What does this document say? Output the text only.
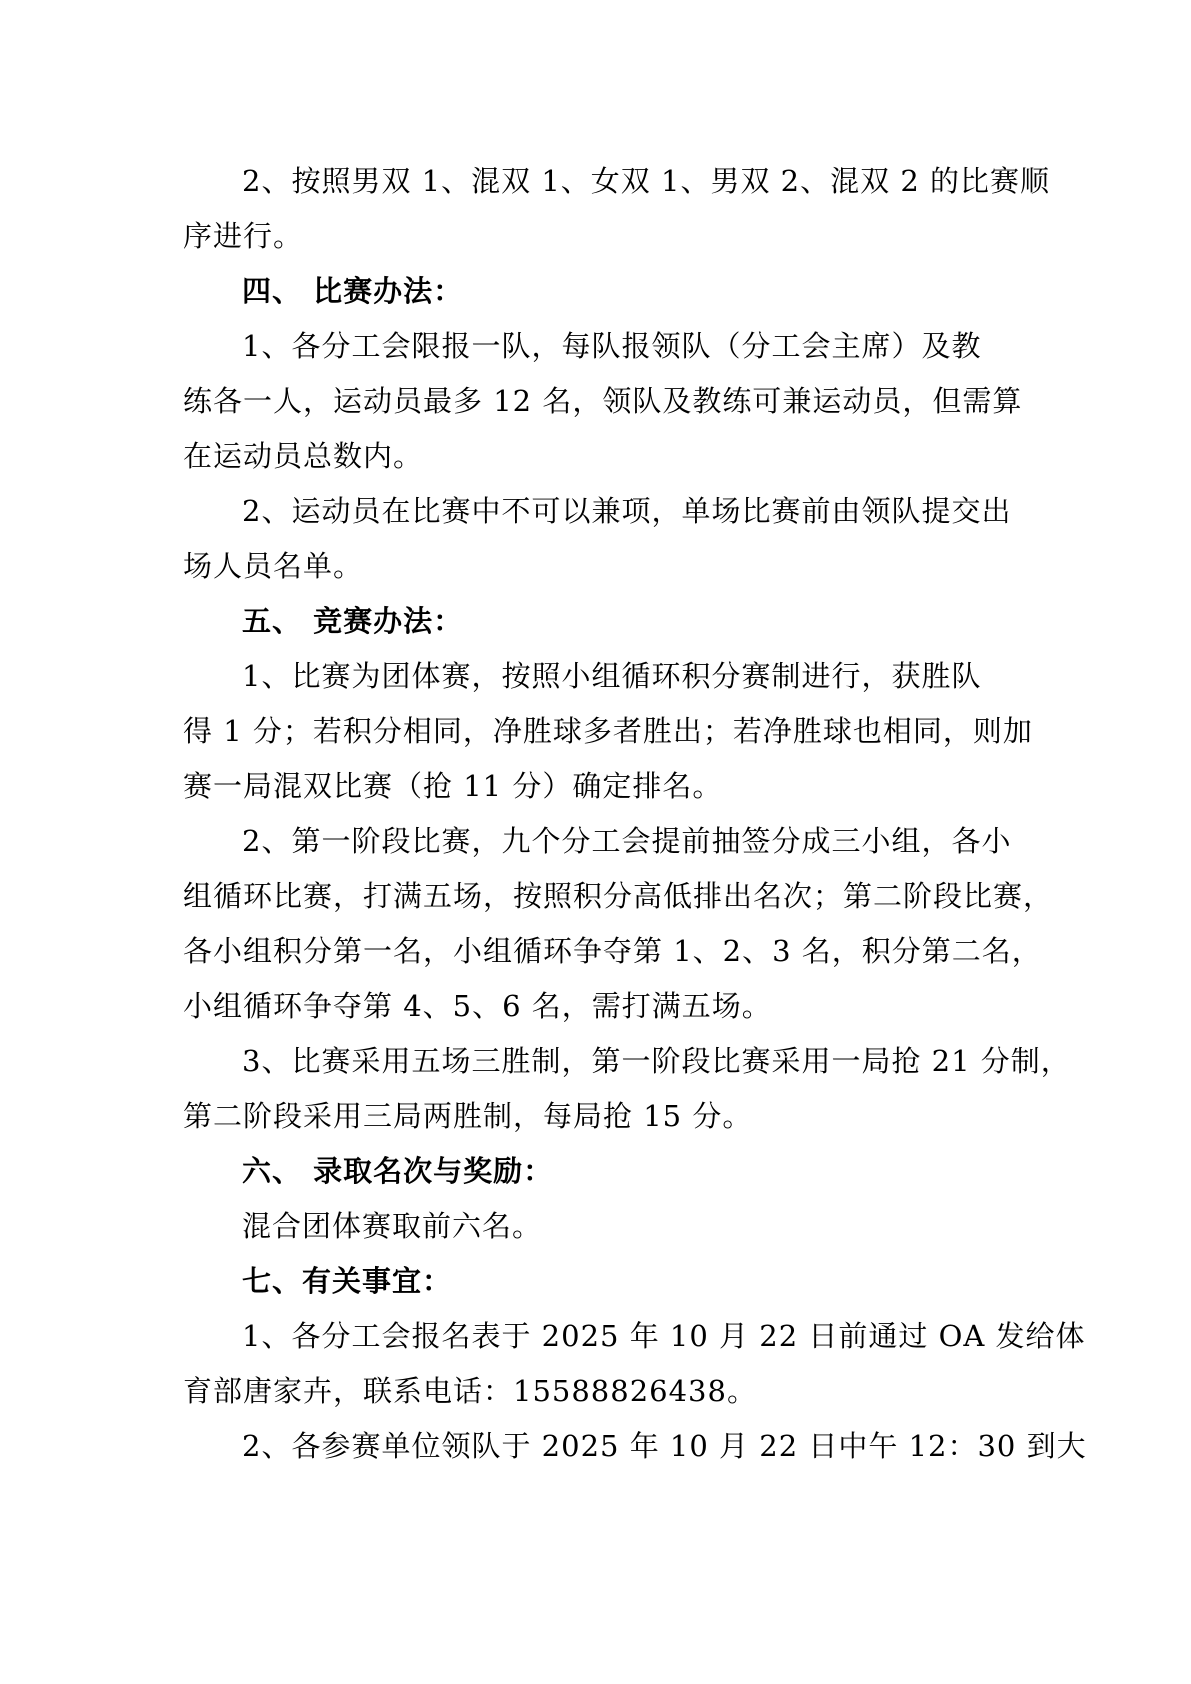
2、按照男双 1、混双 1、女双 1、男双 2、混双 2 的比赛顺
序进行。
四、 比赛办法：
1、各分工会限报一队，每队报领队（分工会主席）及教
练各一人，运动员最多 12 名，领队及教练可兼运动员，但需算
在运动员总数内。
2、运动员在比赛中不可以兼项，单场比赛前由领队提交出
场人员名单。
五、 竞赛办法：
1、比赛为团体赛，按照小组循环积分赛制进行，获胜队
得 1 分；若积分相同，净胜球多者胜出；若净胜球也相同，则加
赛一局混双比赛（抢 11 分）确定排名。
2、第一阶段比赛，九个分工会提前抽签分成三小组，各小
组循环比赛，打满五场，按照积分高低排出名次；第二阶段比赛，
各小组积分第一名，小组循环争夺第 1、2、3 名，积分第二名，
小组循环争夺第 4、5、6 名，需打满五场。
3、比赛采用五场三胜制，第一阶段比赛采用一局抢 21 分制，
第二阶段采用三局两胜制，每局抢 15 分。
六、 录取名次与奖励：
混合团体赛取前六名。
七、有关事宜：
1、各分工会报名表于 2025 年 10 月 22 日前通过 OA 发给体
育部唐家卉，联系电话：15588826438。
2、各参赛单位领队于 2025 年 10 月 22 日中午 12：30 到大
